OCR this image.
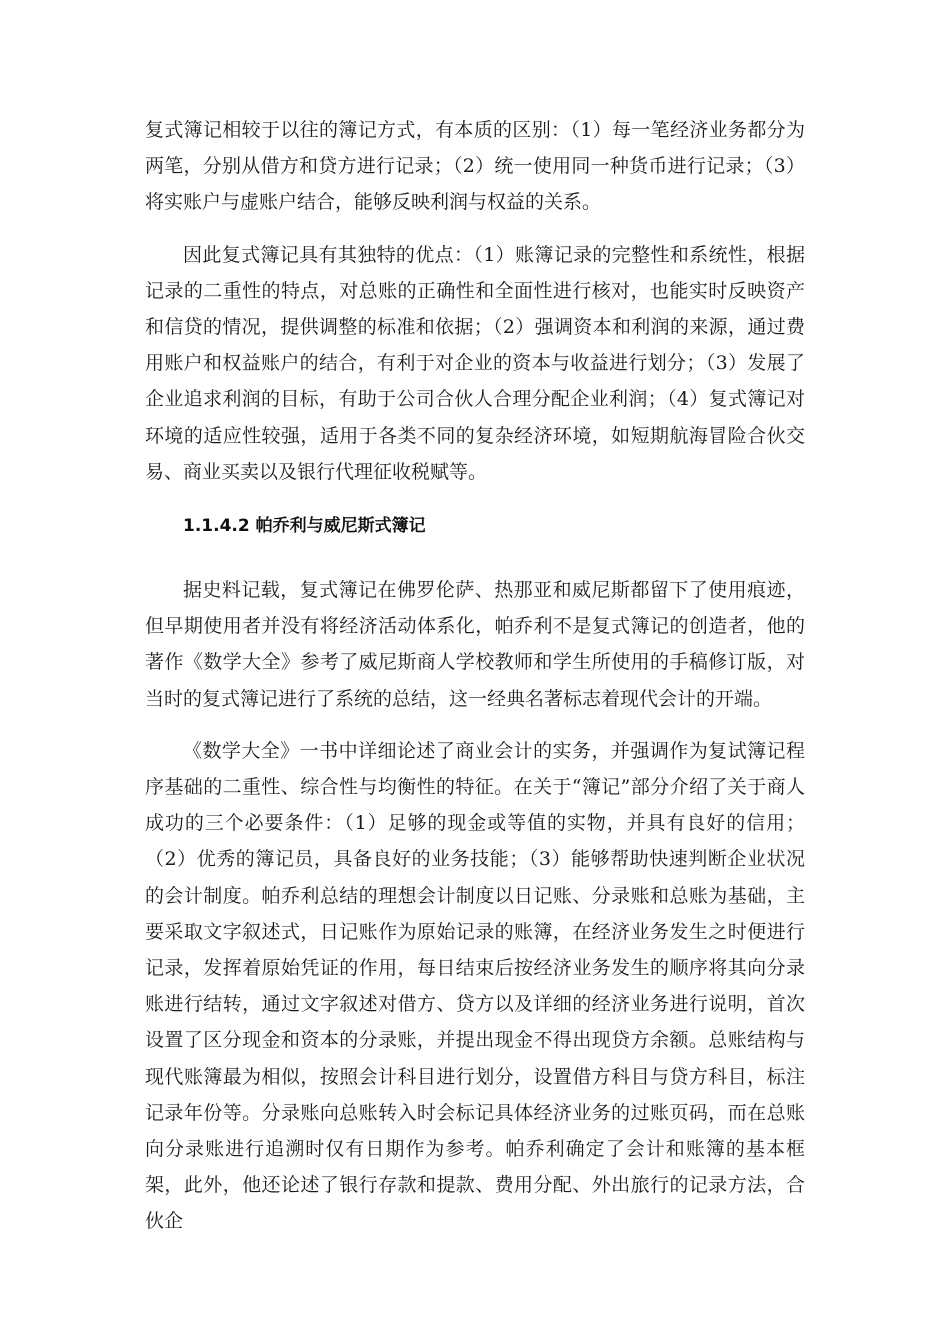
复式簿记相较于以往的簿记方式，有本质的区别：（1）每一笔经济业务都分为两笔，分别从借方和贷方进行记录；（2）统一使用同一种货币进行记录；（3）将实账户与虚账户结合，能够反映利润与权益的关系。

因此复式簿记具有其独特的优点：（1）账簿记录的完整性和系统性，根据记录的二重性的特点，对总账的正确性和全面性进行核对，也能实时反映资产和信贷的情况，提供调整的标准和依据；（2）强调资本和利润的来源，通过费用账户和权益账户的结合，有利于对企业的资本与收益进行划分；（3）发展了企业追求利润的目标，有助于公司合伙人合理分配企业利润；（4）复式簿记对环境的适应性较强，适用于各类不同的复杂经济环境，如短期航海冒险合伙交易、商业买卖以及银行代理征收税赋等。

1.1.4.2 帕乔利与威尼斯式簿记

据史料记载，复式簿记在佛罗伦萨、热那亚和威尼斯都留下了使用痕迹，但早期使用者并没有将经济活动体系化，帕乔利不是复式簿记的创造者，他的著作《数学大全》参考了威尼斯商人学校教师和学生所使用的手稿修订版，对当时的复式簿记进行了系统的总结，这一经典名著标志着现代会计的开端。

《数学大全》一书中详细论述了商业会计的实务，并强调作为复试簿记程序基础的二重性、综合性与均衡性的特征。在关于“簿记”部分介绍了关于商人成功的三个必要条件：（1）足够的现金或等值的实物，并具有良好的信用；（2）优秀的簿记员，具备良好的业务技能；（3）能够帮助快速判断企业状况的会计制度。帕乔利总结的理想会计制度以日记账、分录账和总账为基础，主要采取文字叙述式，日记账作为原始记录的账簿，在经济业务发生之时便进行记录，发挥着原始凭证的作用，每日结束后按经济业务发生的顺序将其向分录账进行结转，通过文字叙述对借方、贷方以及详细的经济业务进行说明，首次设置了区分现金和资本的分录账，并提出现金不得出现贷方余额。总账结构与现代账簿最为相似，按照会计科目进行划分，设置借方科目与贷方科目，标注记录年份等。分录账向总账转入时会标记具体经济业务的过账页码，而在总账向分录账进行追溯时仅有日期作为参考。帕乔利确定了会计和账簿的基本框架，此外，他还论述了银行存款和提款、费用分配、外出旅行的记录方法，合伙企
